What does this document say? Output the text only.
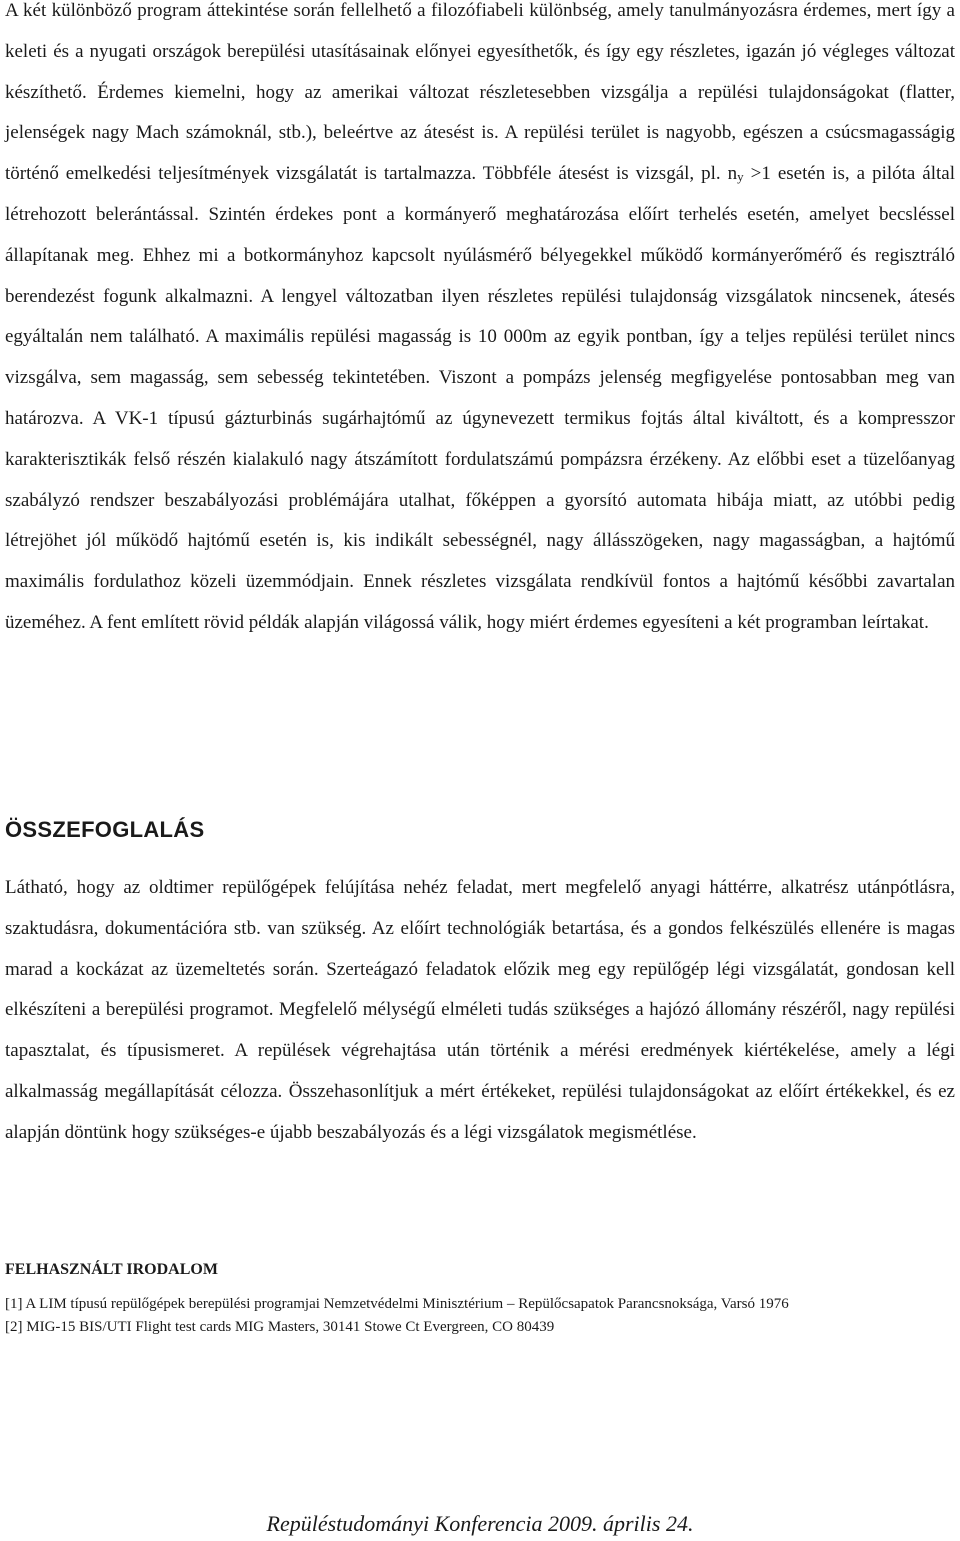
A két különböző program áttekintése során fellelhető a filozófiabeli különbség, amely tanulmányozásra érdemes, mert így a keleti és a nyugati országok berepülési utasításainak előnyei egyesíthetők, és így egy részletes, igazán jó végleges változat készíthető. Érdemes kiemelni, hogy az amerikai változat részletesebben vizsgálja a repülési tulajdonságokat (flatter, jelenségek nagy Mach számoknál, stb.), beleértve az átesést is. A repülési terület is nagyobb, egészen a csúcsmagasságig történő emelkedési teljesítmények vizsgálatát is tartalmazza. Többféle átesést is vizsgál, pl. $n_y >1$ esetén is, a pilóta által létrehozott belerántással. Szintén érdekes pont a kormányerő meghatározása előírt terhelés esetén, amelyet becsléssel állapítanak meg. Ehhez mi a botkormányhoz kapcsolt nyúlásmérő bélyegekkel működő kormányerőmérő és regisztráló berendezést fogunk alkalmazni. A lengyel változatban ilyen részletes repülési tulajdonság vizsgálatok nincsenek, átesés egyáltalán nem található. A maximális repülési magasság is 10 000m az egyik pontban, így a teljes repülési terület nincs vizsgálva, sem magasság, sem sebesség tekintetében. Viszont a pompázs jelenség megfigyelése pontosabban meg van határozva. A VK-1 típusú gázturbinás sugárhajtómű az úgynevezett termikus fojtás által kiváltott, és a kompresszor karakterisztikák felső részén kialakuló nagy átszámított fordulatszámú pompázsra érzékeny. Az előbbi eset a tüzelőanyag szabályzó rendszer beszabályozási problémájára utalhat, főképpen a gyorsító automata hibája miatt, az utóbbi pedig létrejöhet jól működő hajtómű esetén is, kis indikált sebességnél, nagy állásszögeken, nagy magasságban, a hajtómű maximális fordulathoz közeli üzemmódjain. Ennek részletes vizsgálata rendkívül fontos a hajtómű későbbi zavartalan üzeméhez. A fent említett rövid példák alapján világossá válik, hogy miért érdemes egyesíteni a két programban leírtakat.

ÖSSZEFOGLALÁS

Látható, hogy az oldtimer repülőgépek felújítása nehéz feladat, mert megfelelő anyagi háttérre, alkatrész utánpótlásra, szaktudásra, dokumentációra stb. van szükség. Az előírt technológiák betartása, és a gondos felkészülés ellenére is magas marad a kockázat az üzemeltetés során. Szerteágazó feladatok előzik meg egy repülőgép légi vizsgálatát, gondosan kell elkészíteni a berepülési programot. Megfelelő mélységű elméleti tudás szükséges a hajózó állomány részéről, nagy repülési tapasztalat, és típusismeret. A repülések végrehajtása után történik a mérési eredmények kiértékelése, amely a légi alkalmasság megállapítását célozza. Összehasonlítjuk a mért értékeket, repülési tulajdonságokat az előírt értékekkel, és ez alapján döntünk hogy szükséges-e újabb beszabályozás és a légi vizsgálatok megismétlése.

FELHASZNÁLT IRODALOM
[1] A LIM típusú repülőgépek berepülési programjai Nemzetvédelmi Minisztérium – Repülőcsapatok Parancsnoksága, Varsó 1976
[2] MIG-15 BIS/UTI Flight test cards MIG Masters, 30141 Stowe Ct Evergreen, CO 80439

Repüléstudományi Konferencia 2009. április 24.
